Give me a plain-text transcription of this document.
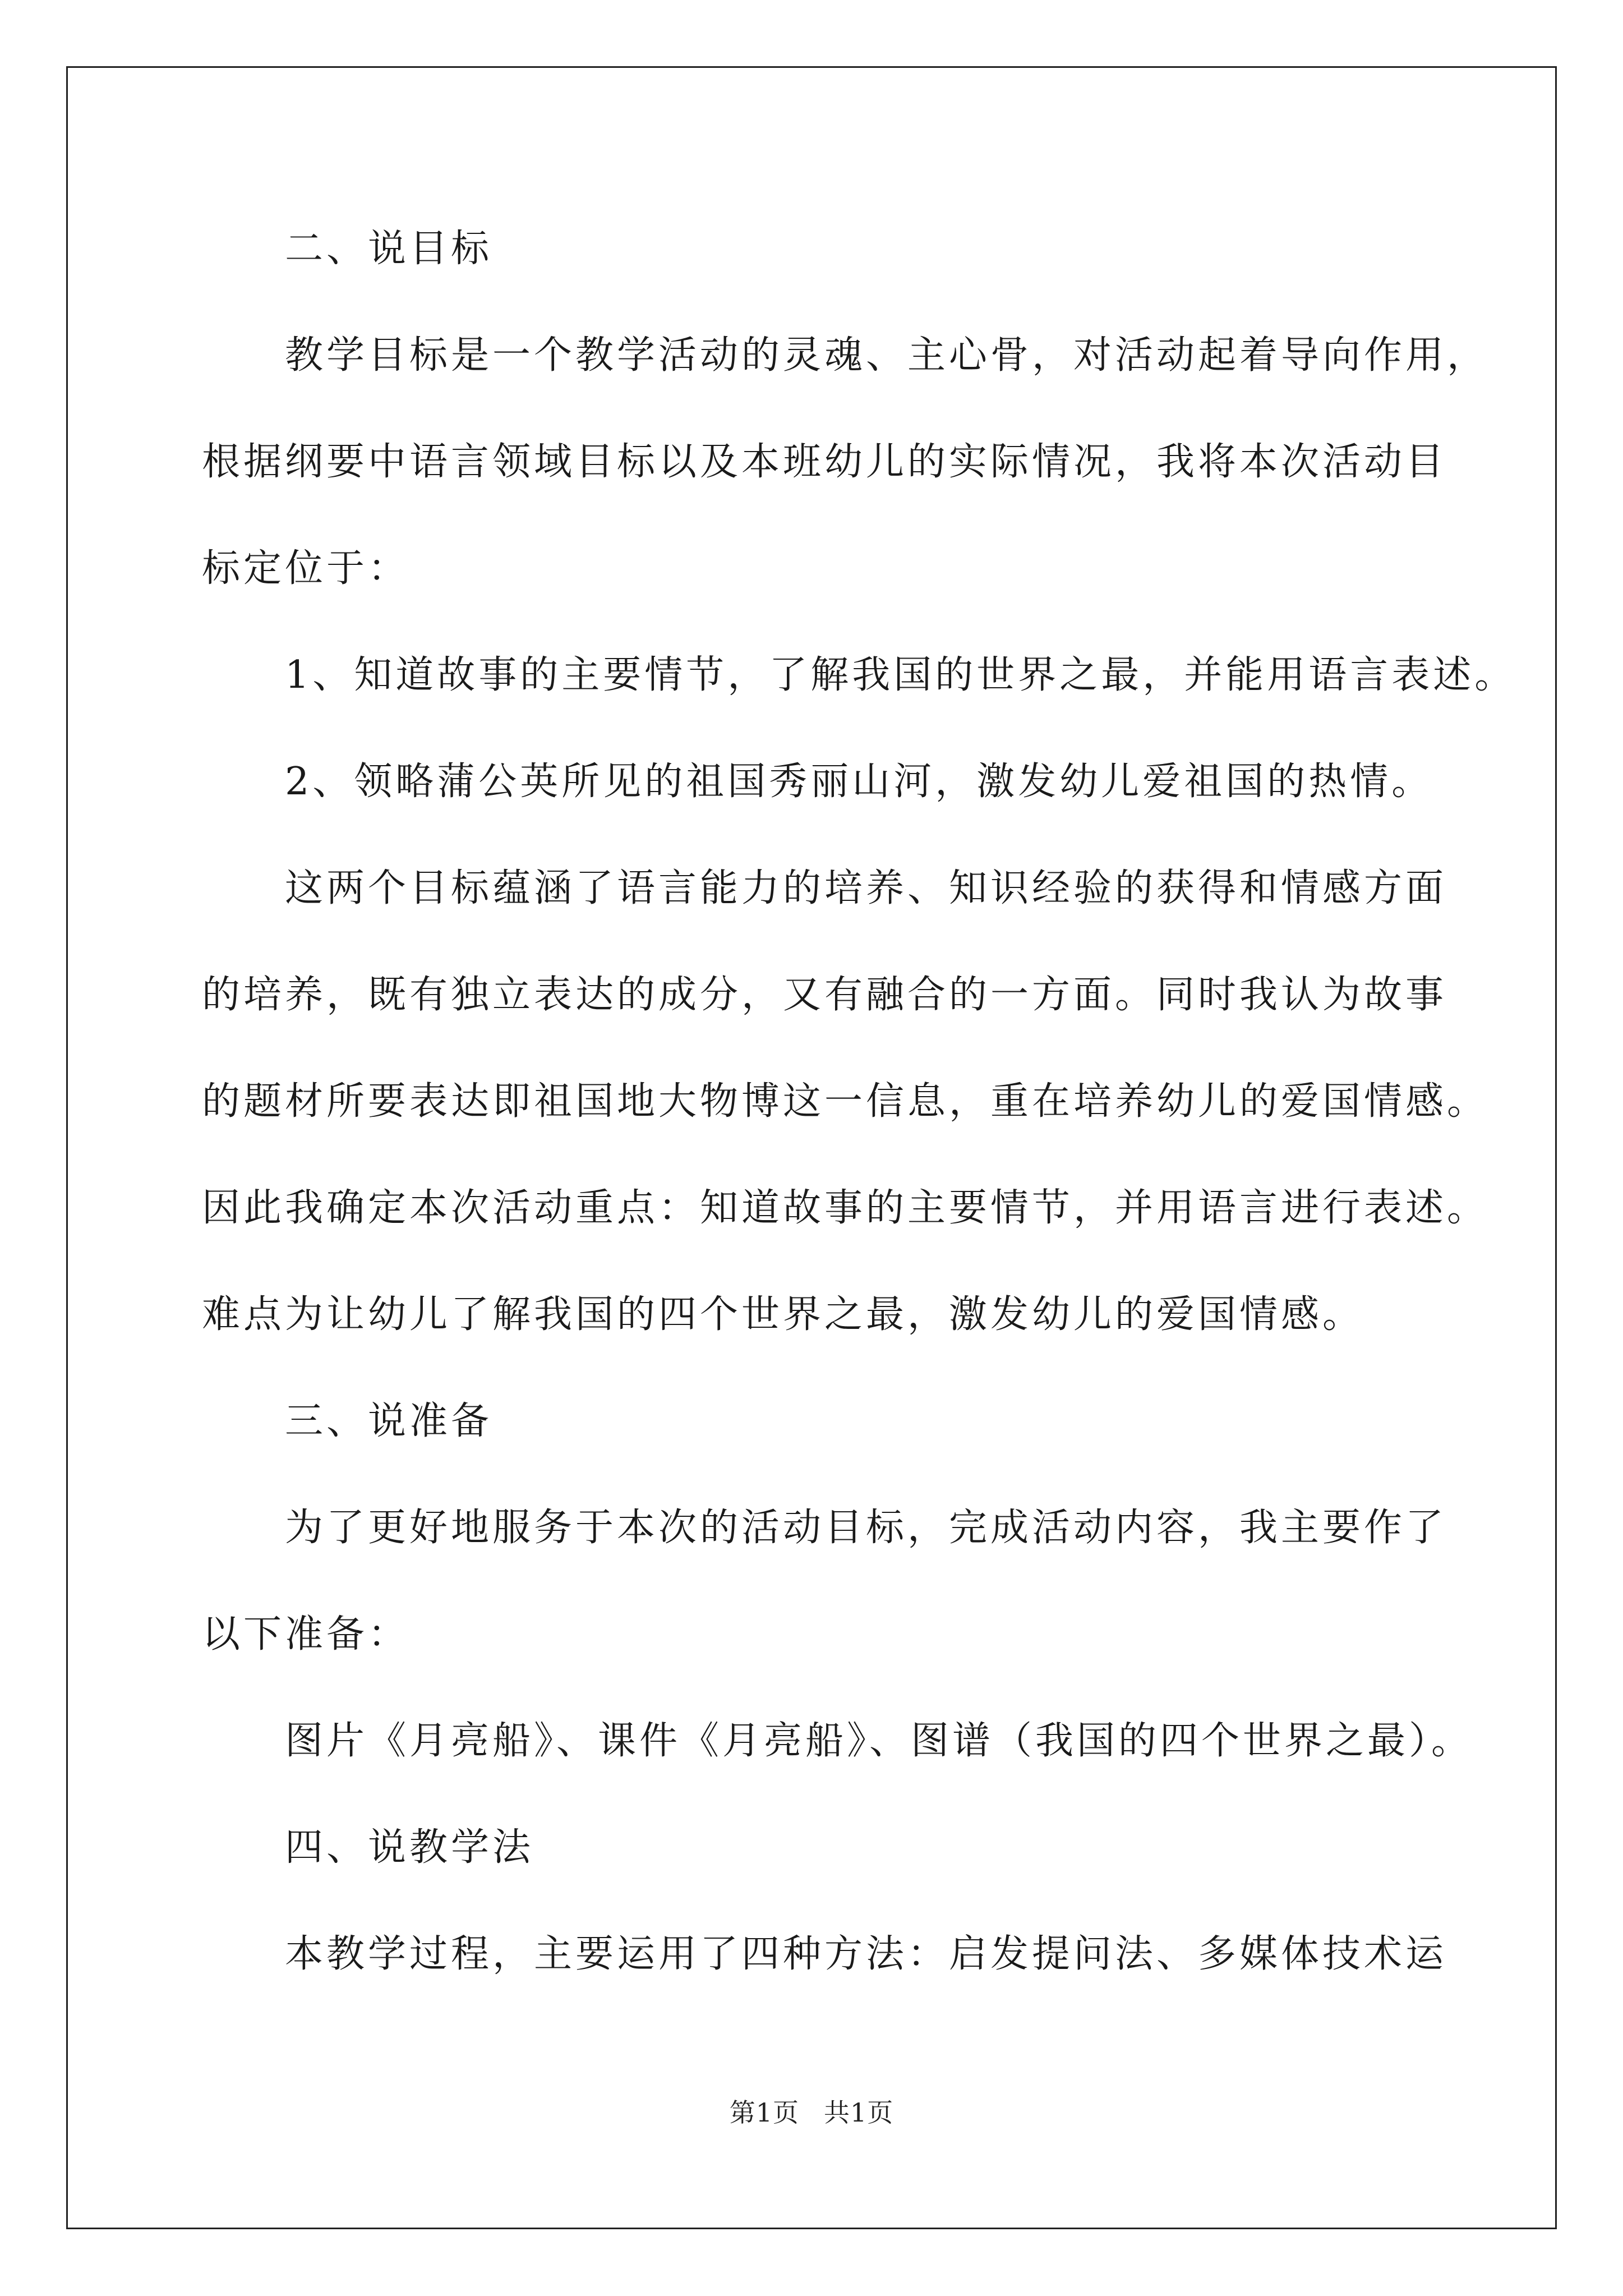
二、说目标
教学目标是一个教学活动的灵魂、主心骨，对活动起着导向作用，
根据纲要中语言领域目标以及本班幼儿的实际情况，我将本次活动目
标定位于：
1、知道故事的主要情节，了解我国的世界之最，并能用语言表述。
2、领略蒲公英所见的祖国秀丽山河，激发幼儿爱祖国的热情。
这两个目标蕴涵了语言能力的培养、知识经验的获得和情感方面
的培养，既有独立表达的成分，又有融合的一方面。同时我认为故事
的题材所要表达即祖国地大物博这一信息，重在培养幼儿的爱国情感。
因此我确定本次活动重点：知道故事的主要情节，并用语言进行表述。
难点为让幼儿了解我国的四个世界之最，激发幼儿的爱国情感。
三、说准备
为了更好地服务于本次的活动目标，完成活动内容，我主要作了
以下准备：
图片《月亮船》、课件《月亮船》、图谱（我国的四个世界之最）。
四、说教学法
本教学过程，主要运用了四种方法：启发提问法、多媒体技术运
第1页 共1页
